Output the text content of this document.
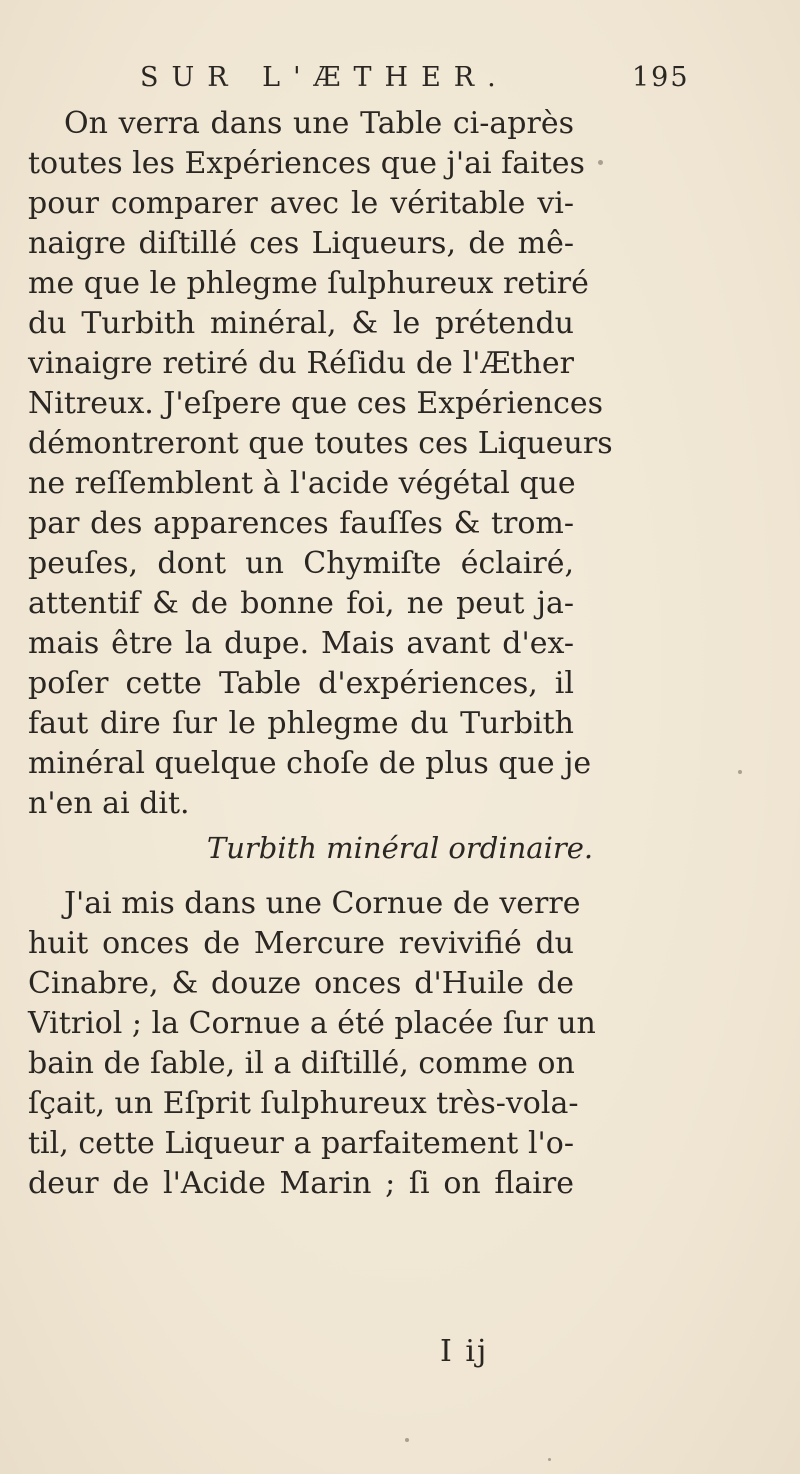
SUR L'ÆTHER.	195
On verra dans une Table ci-après
toutes les Expériences que j'ai faites
pour comparer avec le véritable vi-
naigre diſtillé ces Liqueurs, de mê-
me que le phlegme ſulphureux retiré
du Turbith minéral, & le prétendu
vinaigre retiré du Réſidu de l'Æther
Nitreux. J'eſpere que ces Expériences
démontreront que toutes ces Liqueurs
ne reſſemblent à l'acide végétal que
par des apparences fauſſes & trom-
peuſes, dont un Chymiſte éclairé,
attentif & de bonne foi, ne peut ja-
mais être la dupe. Mais avant d'ex-
poſer cette Table d'expériences, il
faut dire ſur le phlegme du Turbith
minéral quelque choſe de plus que je
n'en ai dit.
Turbith minéral ordinaire.
J'ai mis dans une Cornue de verre
huit onces de Mercure revivifié du
Cinabre, & douze onces d'Huile de
Vitriol ; la Cornue a été placée ſur un
bain de ſable, il a diſtillé, comme on
ſçait, un Eſprit ſulphureux très-vola-
til, cette Liqueur a parfaitement l'o-
deur de l'Acide Marin ; ſi on flaire
I ij
